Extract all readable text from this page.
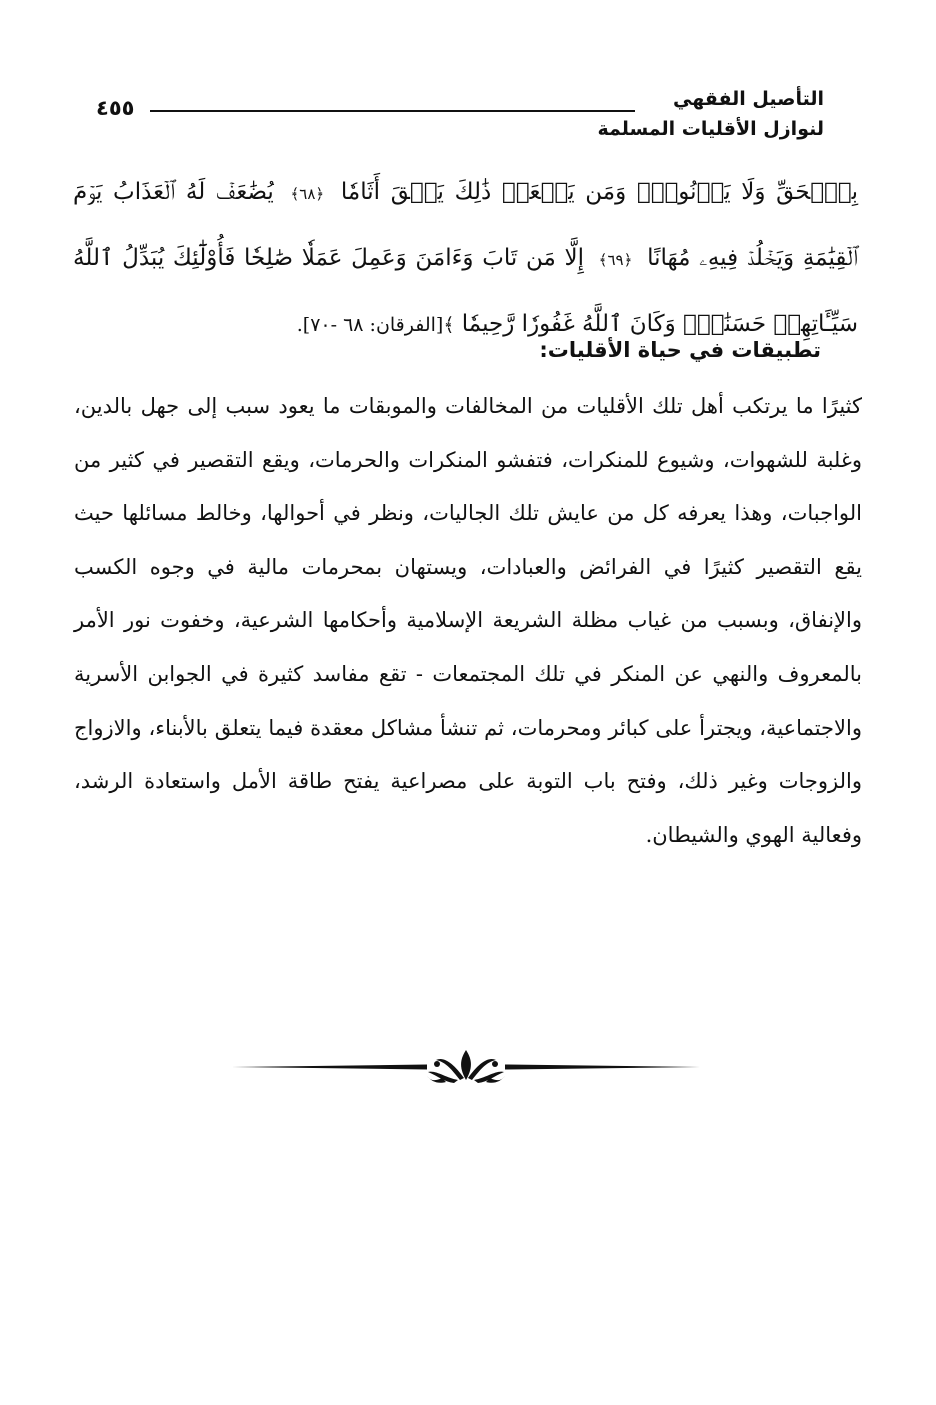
التأصيل الفقهي
لنوازل الأقليات المسلمة
٤٥٥
بِٱلۡحَقِّ وَلَا يَزۡنُونَۚ وَمَن يَفۡعَلۡ ذَٰلِكَ يَلۡقَ أَثَامٗا ﴿٦٨﴾ يُضَٰعَفۡ لَهُ ٱلۡعَذَابُ يَوۡمَ ٱلۡقِيَٰمَةِ وَيَخۡلُدۡ فِيهِۦ مُهَانًا ﴿٦٩﴾ إِلَّا مَن تَابَ وَءَامَنَ وَعَمِلَ عَمَلٗا صَٰلِحٗا فَأُوْلَٰٓئِكَ يُبَدِّلُ ٱللَّهُ سَيِّـَٔاتِهِمۡ حَسَنَٰتٖۗ وَكَانَ ٱللَّهُ غَفُورٗا رَّحِيمٗا ﴾[الفرقان: ٦٨ -٧٠].
تطبيقات في حياة الأقليات:
كثيرًا ما يرتكب أهل تلك الأقليات من المخالفات والموبقات ما يعود سبب إلى جهل بالدين، وغلبة للشهوات، وشيوع للمنكرات، فتفشو المنكرات والحرمات، ويقع التقصير في كثير من الواجبات، وهذا يعرفه كل من عايش تلك الجاليات، ونظر في أحوالها، وخالط مسائلها حيث يقع التقصير كثيرًا في الفرائض والعبادات، ويستهان بمحرمات مالية في وجوه الكسب والإنفاق، وبسبب من غياب مظلة الشريعة الإسلامية وأحكامها الشرعية، وخفوت نور الأمر بالمعروف والنهي عن المنكر في تلك المجتمعات - تقع مفاسد كثيرة في الجوابن الأسرية والاجتماعية، ويجترأ على كبائر ومحرمات، ثم تنشأ مشاكل معقدة فيما يتعلق بالأبناء، والازواج والزوجات وغير ذلك، وفتح باب التوبة على مصراعية يفتح طاقة الأمل واستعادة الرشد، وفعالية الهوي والشيطان.
